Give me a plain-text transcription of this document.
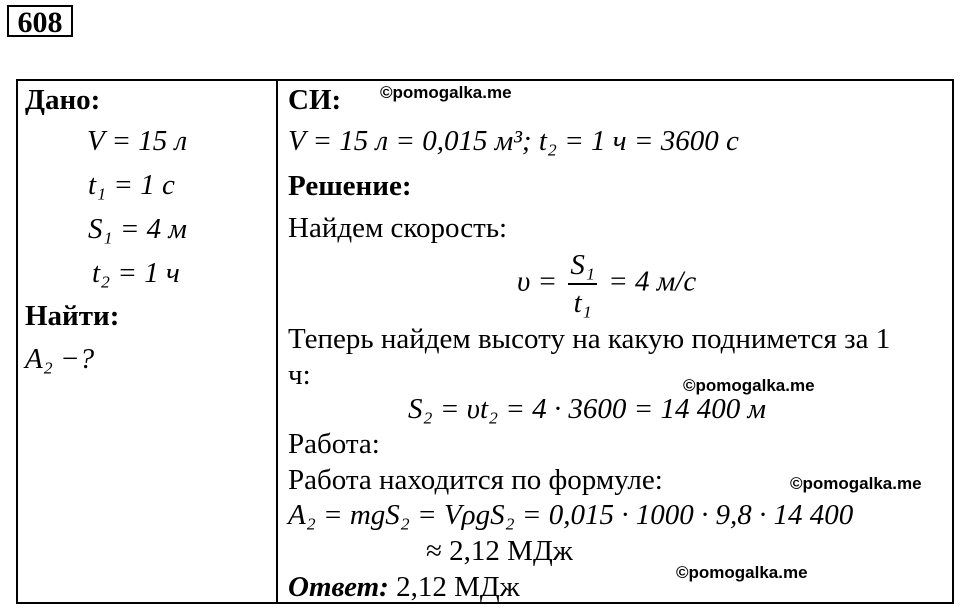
608
Дано:
V = 15 л
t₁ = 1 с
S₁ = 4 м
t₂ = 1 ч
Найти:
A₂ −?
СИ:
V = 15 л = 0,015 м³; t₂ = 1 ч = 3600 с
Решение:
Найдем скорость:
$\upsilon = \frac{\text{S₁}}{\text{t₁}} = 4$ м/с
Теперь найдем высоту на какую поднимется за 1
ч:
S₂ = υt₂ = 4 · 3600 = 14 400 м
Работа:
Работа находится по формуле:
A₂ = mgS₂ = VρgS₂ = 0,015 · 1000 · 9,8 · 14 400
≈ 2,12 МДж
Ответ: 2,12 МДж
©pomogalka.me
©pomogalka.me
©pomogalka.me
©pomogalka.me
